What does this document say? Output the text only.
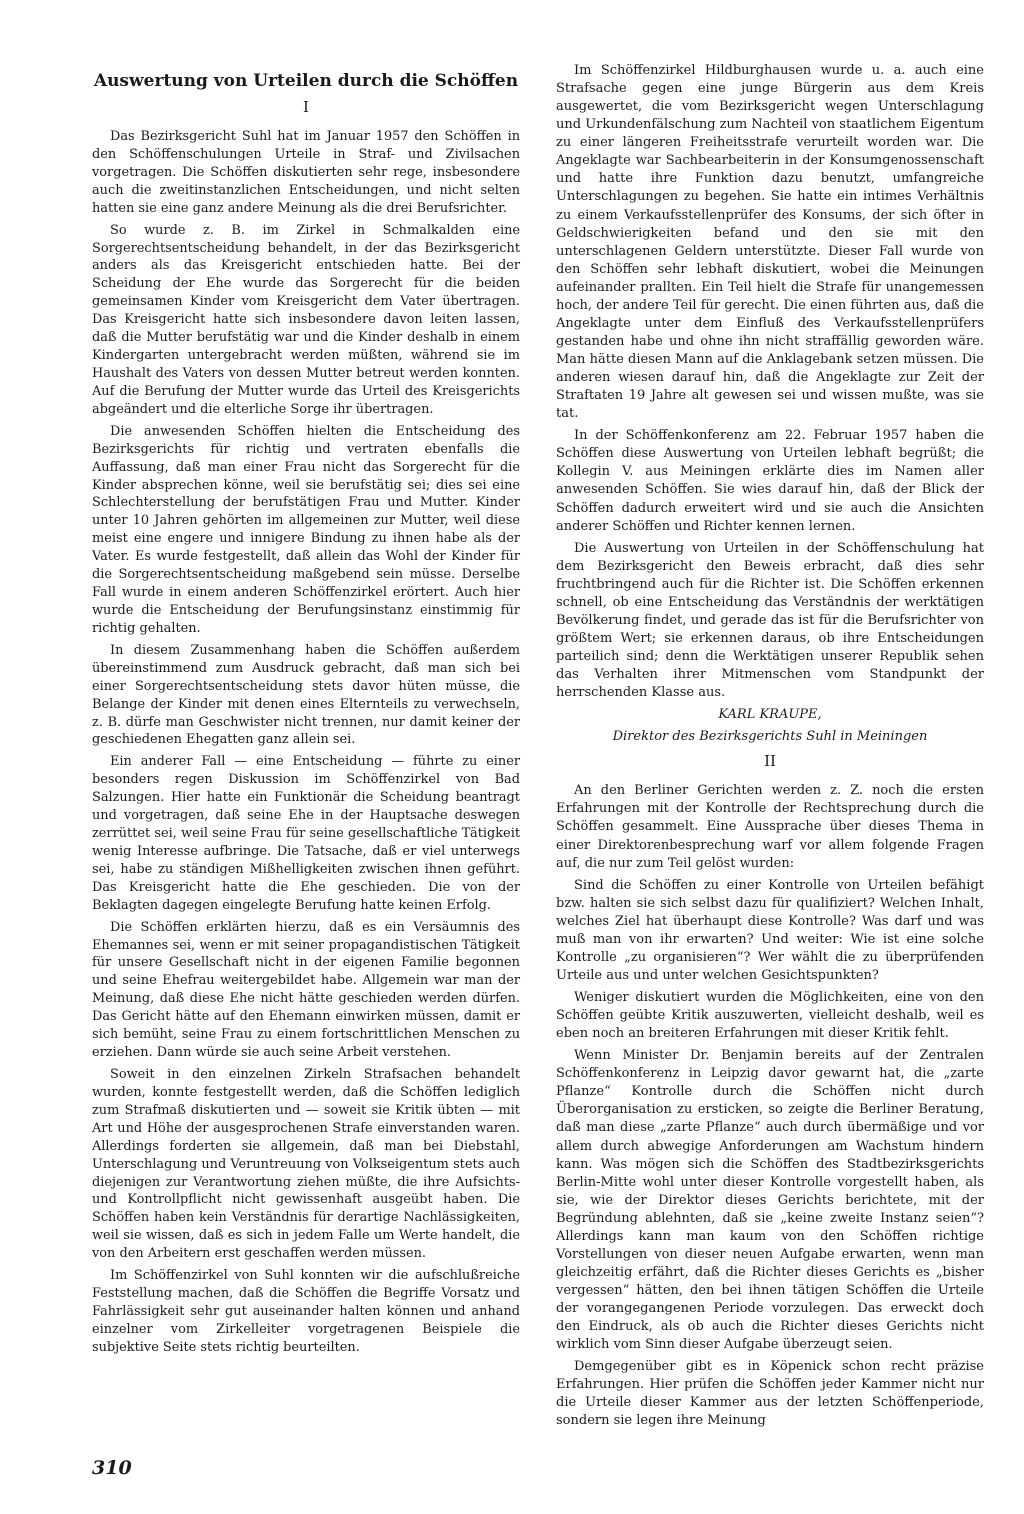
Auswertung von Urteilen durch die Schöffen
I

Das Bezirksgericht Suhl hat im Januar 1957 den Schöffen in den Schöffenschulungen Urteile in Straf- und Zivilsachen vorgetragen. Die Schöffen diskutierten sehr rege, insbesondere auch die zweitinstanzlichen Entscheidungen, und nicht selten hatten sie eine ganz andere Meinung als die drei Berufsrichter.

So wurde z. B. im Zirkel in Schmalkalden eine Sorgerechtsentscheidung behandelt, in der das Bezirksgericht anders als das Kreisgericht entschieden hatte. Bei der Scheidung der Ehe wurde das Sorgerecht für die beiden gemeinsamen Kinder vom Kreisgericht dem Vater übertragen. Das Kreisgericht hatte sich insbesondere davon leiten lassen, daß die Mutter berufstätig war und die Kinder deshalb in einem Kindergarten untergebracht werden müßten, während sie im Haushalt des Vaters von dessen Mutter betreut werden konnten. Auf die Berufung der Mutter wurde das Urteil des Kreisgerichts abgeändert und die elterliche Sorge ihr übertragen.

Die anwesenden Schöffen hielten die Entscheidung des Bezirksgerichts für richtig und vertraten ebenfalls die Auffassung, daß man einer Frau nicht das Sorgerecht für die Kinder absprechen könne, weil sie berufstätig sei; dies sei eine Schlechterstellung der berufstätigen Frau und Mutter. Kinder unter 10 Jahren gehörten im allgemeinen zur Mutter, weil diese meist eine engere und innigere Bindung zu ihnen habe als der Vater. Es wurde festgestellt, daß allein das Wohl der Kinder für die Sorgerechtsentscheidung maßgebend sein müsse. Derselbe Fall wurde in einem anderen Schöffenzirkel erörtert. Auch hier wurde die Entscheidung der Berufungsinstanz einstimmig für richtig gehalten.

In diesem Zusammenhang haben die Schöffen außerdem übereinstimmend zum Ausdruck gebracht, daß man sich bei einer Sorgerechtsentscheidung stets davor hüten müsse, die Belange der Kinder mit denen eines Elternteils zu verwechseln, z. B. dürfe man Geschwister nicht trennen, nur damit keiner der geschiedenen Ehegatten ganz allein sei.

Ein anderer Fall — eine Entscheidung — führte zu einer besonders regen Diskussion im Schöffenzirkel von Bad Salzungen. Hier hatte ein Funktionär die Scheidung beantragt und vorgetragen, daß seine Ehe in der Hauptsache deswegen zerrüttet sei, weil seine Frau für seine gesellschaftliche Tätigkeit wenig Interesse aufbringe. Die Tatsache, daß er viel unterwegs sei, habe zu ständigen Mißhelligkeiten zwischen ihnen geführt. Das Kreisgericht hatte die Ehe geschieden. Die von der Beklagten dagegen eingelegte Berufung hatte keinen Erfolg.

Die Schöffen erklärten hierzu, daß es ein Versäumnis des Ehemannes sei, wenn er mit seiner propagandistischen Tätigkeit für unsere Gesellschaft nicht in der eigenen Familie begonnen und seine Ehefrau weitergebildet habe. Allgemein war man der Meinung, daß diese Ehe nicht hätte geschieden werden dürfen. Das Gericht hätte auf den Ehemann einwirken müssen, damit er sich bemüht, seine Frau zu einem fortschrittlichen Menschen zu erziehen. Dann würde sie auch seine Arbeit verstehen.

Soweit in den einzelnen Zirkeln Strafsachen behandelt wurden, konnte festgestellt werden, daß die Schöffen lediglich zum Strafmaß diskutierten und — soweit sie Kritik übten — mit Art und Höhe der ausgesprochenen Strafe einverstanden waren. Allerdings forderten sie allgemein, daß man bei Diebstahl, Unterschlagung und Veruntreuung von Volkseigentum stets auch diejenigen zur Verantwortung ziehen müßte, die ihre Aufsichts- und Kontrollpflicht nicht gewissenhaft ausgeübt haben. Die Schöffen haben kein Verständnis für derartige Nachlässigkeiten, weil sie wissen, daß es sich in jedem Falle um Werte handelt, die von den Arbeitern erst geschaffen werden müssen.

Im Schöffenzirkel von Suhl konnten wir die aufschlußreiche Feststellung machen, daß die Schöffen die Begriffe Vorsatz und Fahrlässigkeit sehr gut auseinander halten können und anhand einzelner vom Zirkelleiter vorgetragenen Beispiele die subjektive Seite stets richtig beurteilten.

Im Schöffenzirkel Hildburghausen wurde u. a. auch eine Strafsache gegen eine junge Bürgerin aus dem Kreis ausgewertet, die vom Bezirksgericht wegen Unterschlagung und Urkundenfälschung zum Nachteil von staatlichem Eigentum zu einer längeren Freiheitsstrafe verurteilt worden war. Die Angeklagte war Sachbearbeiterin in der Konsumgenossenschaft und hatte ihre Funktion dazu benutzt, umfangreiche Unterschlagungen zu begehen. Sie hatte ein intimes Verhältnis zu einem Verkaufsstellenprüfer des Konsums, der sich öfter in Geldschwierigkeiten befand und den sie mit den unterschlagenen Geldern unterstützte. Dieser Fall wurde von den Schöffen sehr lebhaft diskutiert, wobei die Meinungen aufeinander prallten. Ein Teil hielt die Strafe für unangemessen hoch, der andere Teil für gerecht. Die einen führten aus, daß die Angeklagte unter dem Einfluß des Verkaufsstellenprüfers gestanden habe und ohne ihn nicht straffällig geworden wäre. Man hätte diesen Mann auf die Anklagebank setzen müssen. Die anderen wiesen darauf hin, daß die Angeklagte zur Zeit der Straftaten 19 Jahre alt gewesen sei und wissen mußte, was sie tat.

In der Schöffenkonferenz am 22. Februar 1957 haben die Schöffen diese Auswertung von Urteilen lebhaft begrüßt; die Kollegin V. aus Meiningen erklärte dies im Namen aller anwesenden Schöffen. Sie wies darauf hin, daß der Blick der Schöffen dadurch erweitert wird und sie auch die Ansichten anderer Schöffen und Richter kennen lernen.

Die Auswertung von Urteilen in der Schöffenschulung hat dem Bezirksgericht den Beweis erbracht, daß dies sehr fruchtbringend auch für die Richter ist. Die Schöffen erkennen schnell, ob eine Entscheidung das Verständnis der werktätigen Bevölkerung findet, und gerade das ist für die Berufsrichter von größtem Wert; sie erkennen daraus, ob ihre Entscheidungen parteilich sind; denn die Werktätigen unserer Republik sehen das Verhalten ihrer Mitmenschen vom Standpunkt der herrschenden Klasse aus.

KARL KRAUPE,

Direktor des Bezirksgerichts Suhl in Meiningen

II

An den Berliner Gerichten werden z. Z. noch die ersten Erfahrungen mit der Kontrolle der Rechtsprechung durch die Schöffen gesammelt. Eine Aussprache über dieses Thema in einer Direktorenbesprechung warf vor allem folgende Fragen auf, die nur zum Teil gelöst wurden:

Sind die Schöffen zu einer Kontrolle von Urteilen befähigt bzw. halten sie sich selbst dazu für qualifiziert? Welchen Inhalt, welches Ziel hat überhaupt diese Kontrolle? Was darf und was muß man von ihr erwarten? Und weiter: Wie ist eine solche Kontrolle „zu organisieren“? Wer wählt die zu überprüfenden Urteile aus und unter welchen Gesichtspunkten?

Weniger diskutiert wurden die Möglichkeiten, eine von den Schöffen geübte Kritik auszuwerten, vielleicht deshalb, weil es eben noch an breiteren Erfahrungen mit dieser Kritik fehlt.

Wenn Minister Dr. Benjamin bereits auf der Zentralen Schöffenkonferenz in Leipzig davor gewarnt hat, die „zarte Pflanze“ Kontrolle durch die Schöffen nicht durch Überorganisation zu ersticken, so zeigte die Berliner Beratung, daß man diese „zarte Pflanze“ auch durch übermäßige und vor allem durch abwegige Anforderungen am Wachstum hindern kann. Was mögen sich die Schöffen des Stadtbezirksgerichts Berlin-Mitte wohl unter dieser Kontrolle vorgestellt haben, als sie, wie der Direktor dieses Gerichts berichtete, mit der Begründung ablehnten, daß sie „keine zweite Instanz seien“? Allerdings kann man kaum von den Schöffen richtige Vorstellungen von dieser neuen Aufgabe erwarten, wenn man gleichzeitig erfährt, daß die Richter dieses Gerichts es „bisher vergessen“ hätten, den bei ihnen tätigen Schöffen die Urteile der vorangegangenen Periode vorzulegen. Das erweckt doch den Eindruck, als ob auch die Richter dieses Gerichts nicht wirklich vom Sinn dieser Aufgabe überzeugt seien.

Demgegenüber gibt es in Köpenick schon recht präzise Erfahrungen. Hier prüfen die Schöffen jeder Kammer nicht nur die Urteile dieser Kammer aus der letzten Schöffenperiode, sondern sie legen ihre Meinung

310
